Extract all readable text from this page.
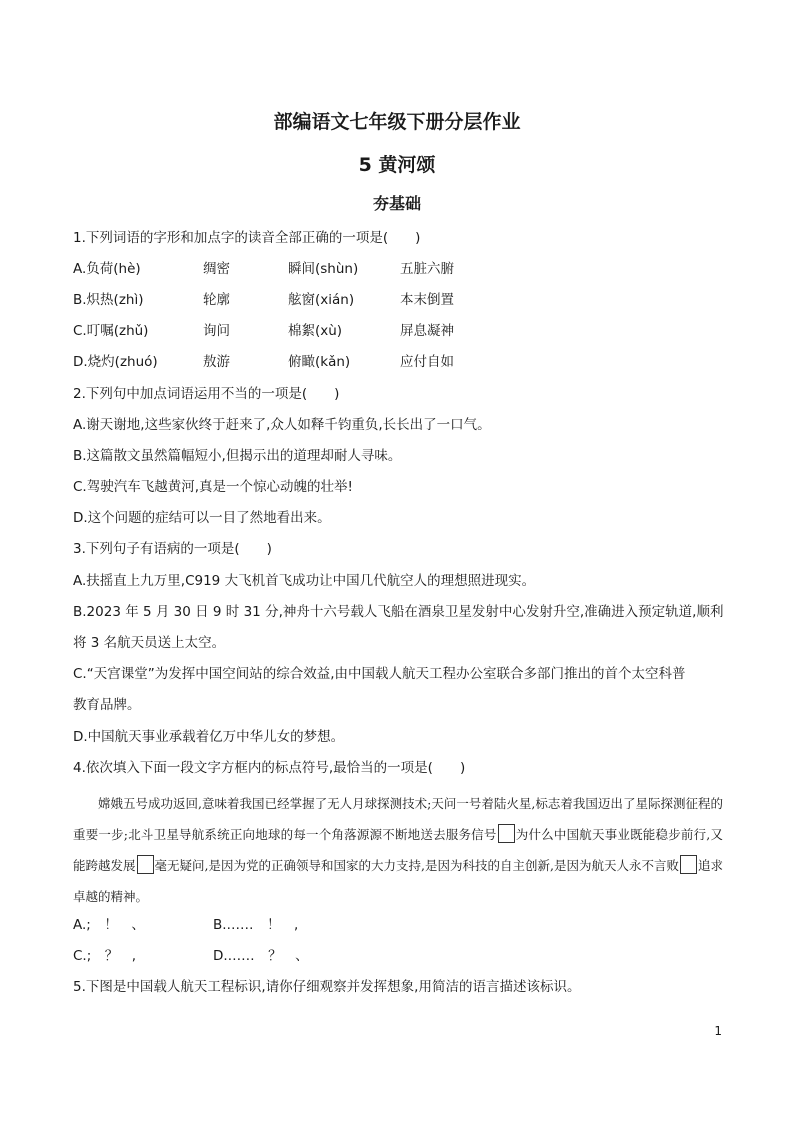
部编语文七年级下册分层作业
5 黄河颂
夯基础
1.下列词语的字形和加点字的读音全部正确的一项是(　　)
A.负荷(hè)	绸密	瞬间(shùn)	五脏六腑
B.炽热(zhì)	轮廓	舷窗(xián)	本末倒置
C.叮嘱(zhǔ)	询问	棉絮(xù)	屏息凝神
D.烧灼(zhuó)	敖游	俯瞰(kǎn)	应付自如
2.下列句中加点词语运用不当的一项是(　　)
A.谢天谢地,这些家伙终于赶来了,众人如释千钧重负,长长出了一口气。
B.这篇散文虽然篇幅短小,但揭示出的道理却耐人寻味。
C.驾驶汽车飞越黄河,真是一个惊心动魄的壮举!
D.这个问题的症结可以一目了然地看出来。
3.下列句子有语病的一项是(　　)
A.扶摇直上九万里,C919 大飞机首飞成功让中国几代航空人的理想照进现实。
B.2023 年 5 月 30 日 9 时 31 分,神舟十六号载人飞船在酒泉卫星发射中心发射升空,准确进入预定轨道,顺利
将 3 名航天员送上太空。
C.“天宫课堂”为发挥中国空间站的综合效益,由中国载人航天工程办公室联合多部门推出的首个太空科普
教育品牌。
D.中国航天事业承载着亿万中华儿女的梦想。
4.依次填入下面一段文字方框内的标点符号,最恰当的一项是(　　)

嫦娥五号成功返回,意味着我国已经掌握了无人月球探测技术;天问一号着陆火星,标志着我国迈出了星际探测征程的重要一步;北斗卫星导航系统正向地球的每一个角落源源不断地送去服务信号 为什么中国航天事业既能稳步前行,又能跨越发展 毫无疑问,是因为党的正确领导和国家的大力支持,是因为科技的自主创新,是因为航天人永不言败 追求卓越的精神。

A.;　！　、	B.……　！　,
C.;　？　,	D.……　？　、
5.下图是中国载人航天工程标识,请你仔细观察并发挥想象,用简洁的语言描述该标识。
1
